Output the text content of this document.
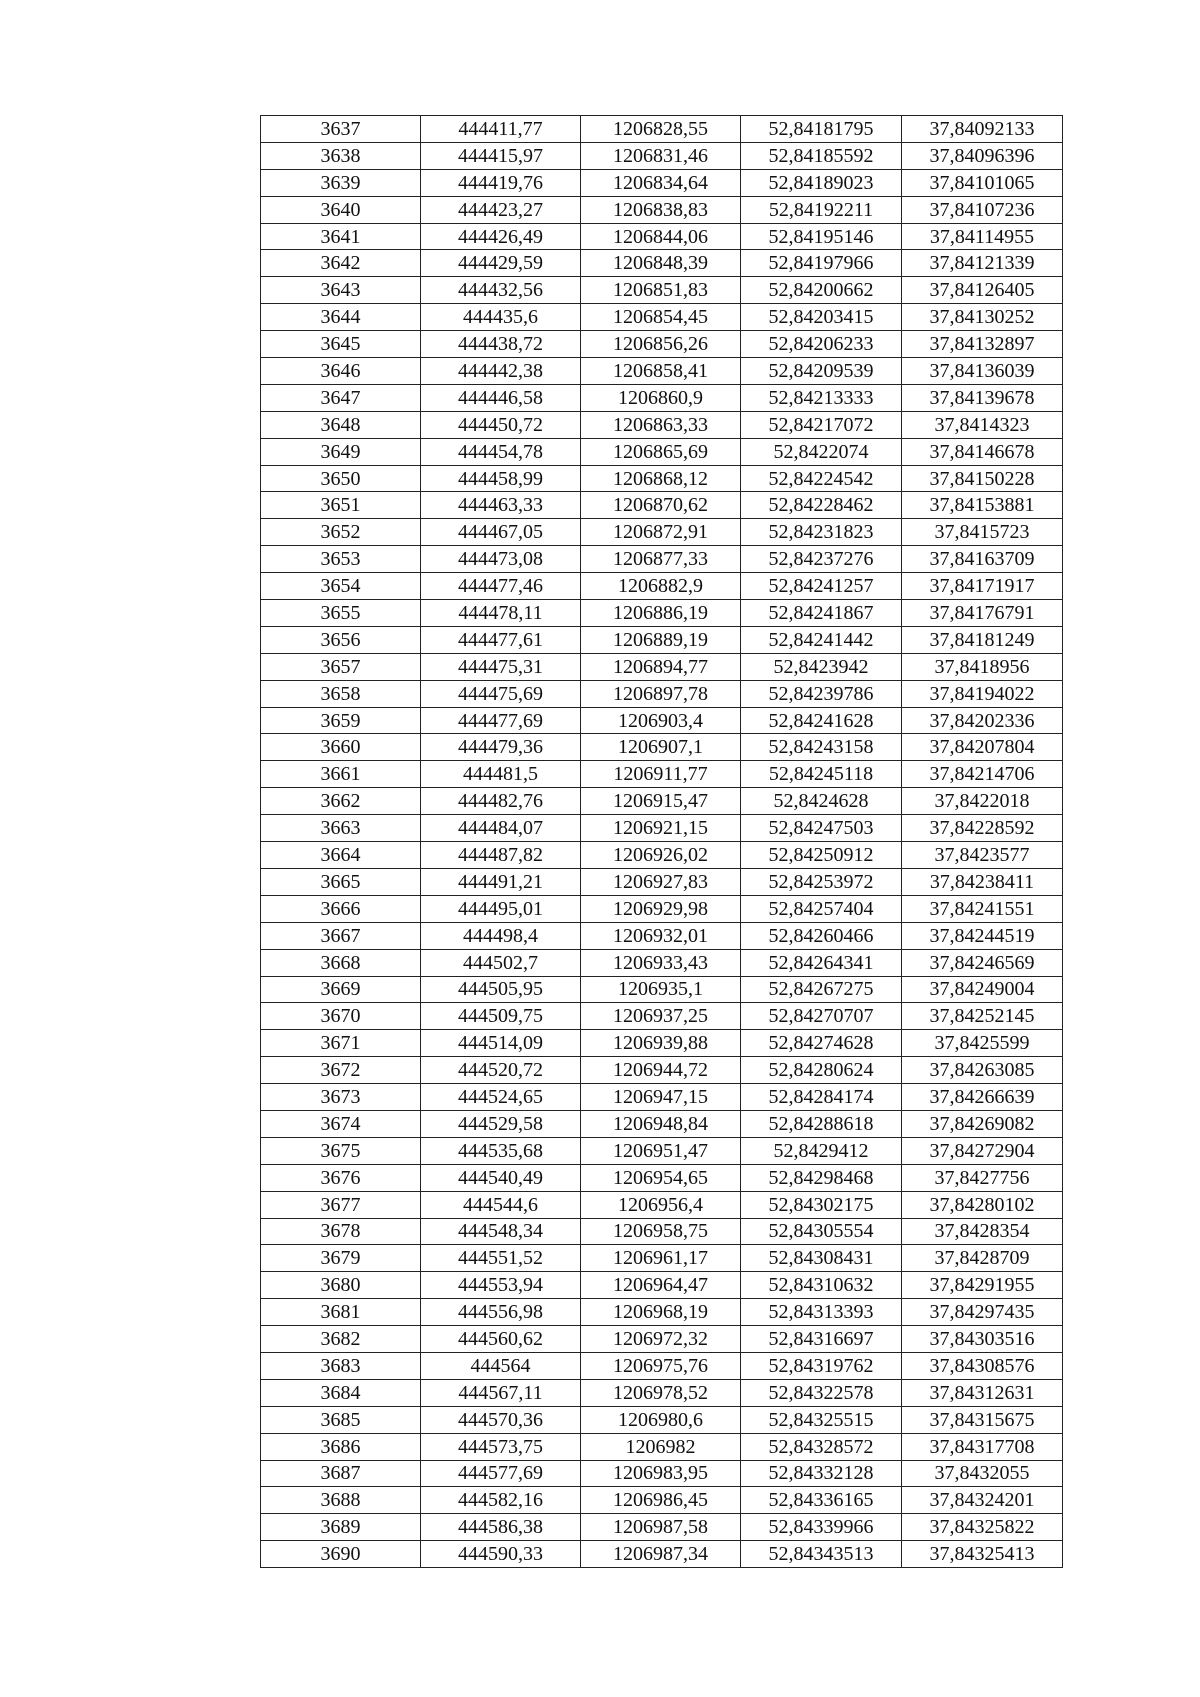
3637	444411,77	1206828,55	52,84181795	37,84092133
3638	444415,97	1206831,46	52,84185592	37,84096396
3639	444419,76	1206834,64	52,84189023	37,84101065
3640	444423,27	1206838,83	52,84192211	37,84107236
3641	444426,49	1206844,06	52,84195146	37,84114955
3642	444429,59	1206848,39	52,84197966	37,84121339
3643	444432,56	1206851,83	52,84200662	37,84126405
3644	444435,6	1206854,45	52,84203415	37,84130252
3645	444438,72	1206856,26	52,84206233	37,84132897
3646	444442,38	1206858,41	52,84209539	37,84136039
3647	444446,58	1206860,9	52,84213333	37,84139678
3648	444450,72	1206863,33	52,84217072	37,8414323
3649	444454,78	1206865,69	52,8422074	37,84146678
3650	444458,99	1206868,12	52,84224542	37,84150228
3651	444463,33	1206870,62	52,84228462	37,84153881
3652	444467,05	1206872,91	52,84231823	37,8415723
3653	444473,08	1206877,33	52,84237276	37,84163709
3654	444477,46	1206882,9	52,84241257	37,84171917
3655	444478,11	1206886,19	52,84241867	37,84176791
3656	444477,61	1206889,19	52,84241442	37,84181249
3657	444475,31	1206894,77	52,8423942	37,8418956
3658	444475,69	1206897,78	52,84239786	37,84194022
3659	444477,69	1206903,4	52,84241628	37,84202336
3660	444479,36	1206907,1	52,84243158	37,84207804
3661	444481,5	1206911,77	52,84245118	37,84214706
3662	444482,76	1206915,47	52,8424628	37,8422018
3663	444484,07	1206921,15	52,84247503	37,84228592
3664	444487,82	1206926,02	52,84250912	37,8423577
3665	444491,21	1206927,83	52,84253972	37,84238411
3666	444495,01	1206929,98	52,84257404	37,84241551
3667	444498,4	1206932,01	52,84260466	37,84244519
3668	444502,7	1206933,43	52,84264341	37,84246569
3669	444505,95	1206935,1	52,84267275	37,84249004
3670	444509,75	1206937,25	52,84270707	37,84252145
3671	444514,09	1206939,88	52,84274628	37,8425599
3672	444520,72	1206944,72	52,84280624	37,84263085
3673	444524,65	1206947,15	52,84284174	37,84266639
3674	444529,58	1206948,84	52,84288618	37,84269082
3675	444535,68	1206951,47	52,8429412	37,84272904
3676	444540,49	1206954,65	52,84298468	37,8427756
3677	444544,6	1206956,4	52,84302175	37,84280102
3678	444548,34	1206958,75	52,84305554	37,8428354
3679	444551,52	1206961,17	52,84308431	37,8428709
3680	444553,94	1206964,47	52,84310632	37,84291955
3681	444556,98	1206968,19	52,84313393	37,84297435
3682	444560,62	1206972,32	52,84316697	37,84303516
3683	444564	1206975,76	52,84319762	37,84308576
3684	444567,11	1206978,52	52,84322578	37,84312631
3685	444570,36	1206980,6	52,84325515	37,84315675
3686	444573,75	1206982	52,84328572	37,84317708
3687	444577,69	1206983,95	52,84332128	37,8432055
3688	444582,16	1206986,45	52,84336165	37,84324201
3689	444586,38	1206987,58	52,84339966	37,84325822
3690	444590,33	1206987,34	52,84343513	37,84325413
